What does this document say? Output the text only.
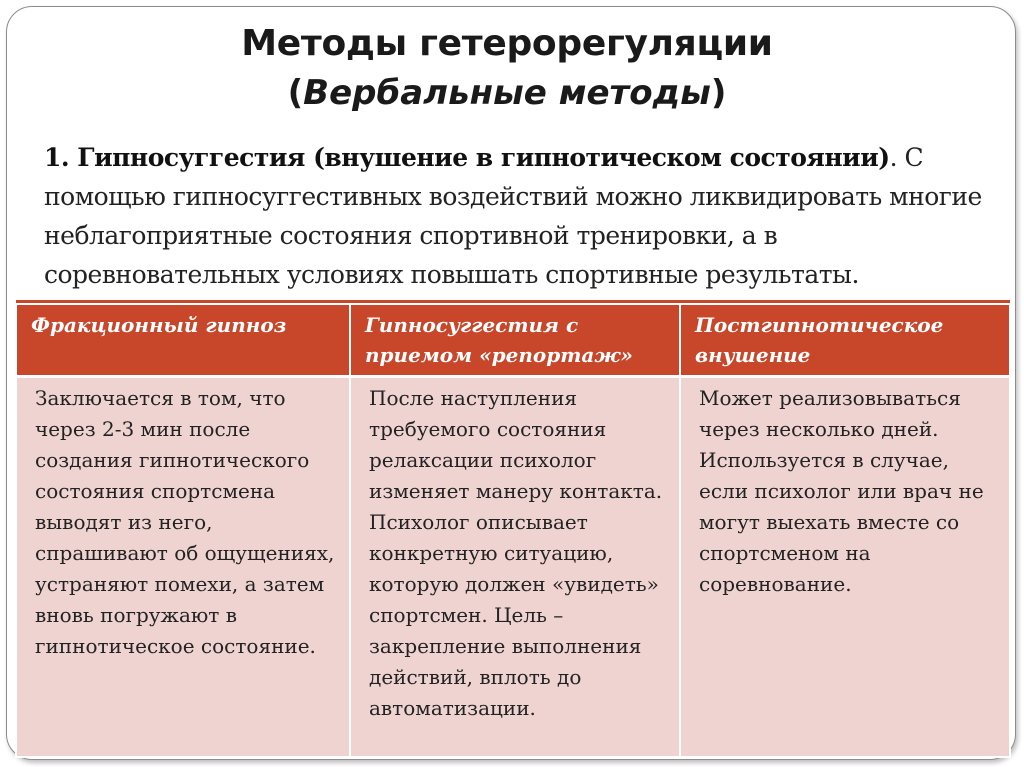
Методы гетерорегуляции
(Вербальные методы)
1. Гипносуггестия (внушение в гипнотическом состоянии). С помощью гипносуггестивных воздействий можно ликвидировать многие неблагоприятные состояния спортивной тренировки, а в соревновательных условиях повышать спортивные результаты.

Фракционный гипноз	Гипносуггестия с приемом «репортаж»	Постгипнотическое внушение
Заключается в том, что через 2-3 мин после создания гипнотического состояния спортсмена выводят из него, спрашивают об ощущениях, устраняют помехи, а затем вновь погружают в гипнотическое состояние.	После наступления требуемого состояния релаксации психолог изменяет манеру контакта. Психолог описывает конкретную ситуацию, которую должен «увидеть» спортсмен. Цель – закрепление выполнения действий, вплоть до автоматизации.	Может реализовываться через несколько дней. Используется в случае, если психолог или врач не могут выехать вместе со спортсменом на соревнование.
